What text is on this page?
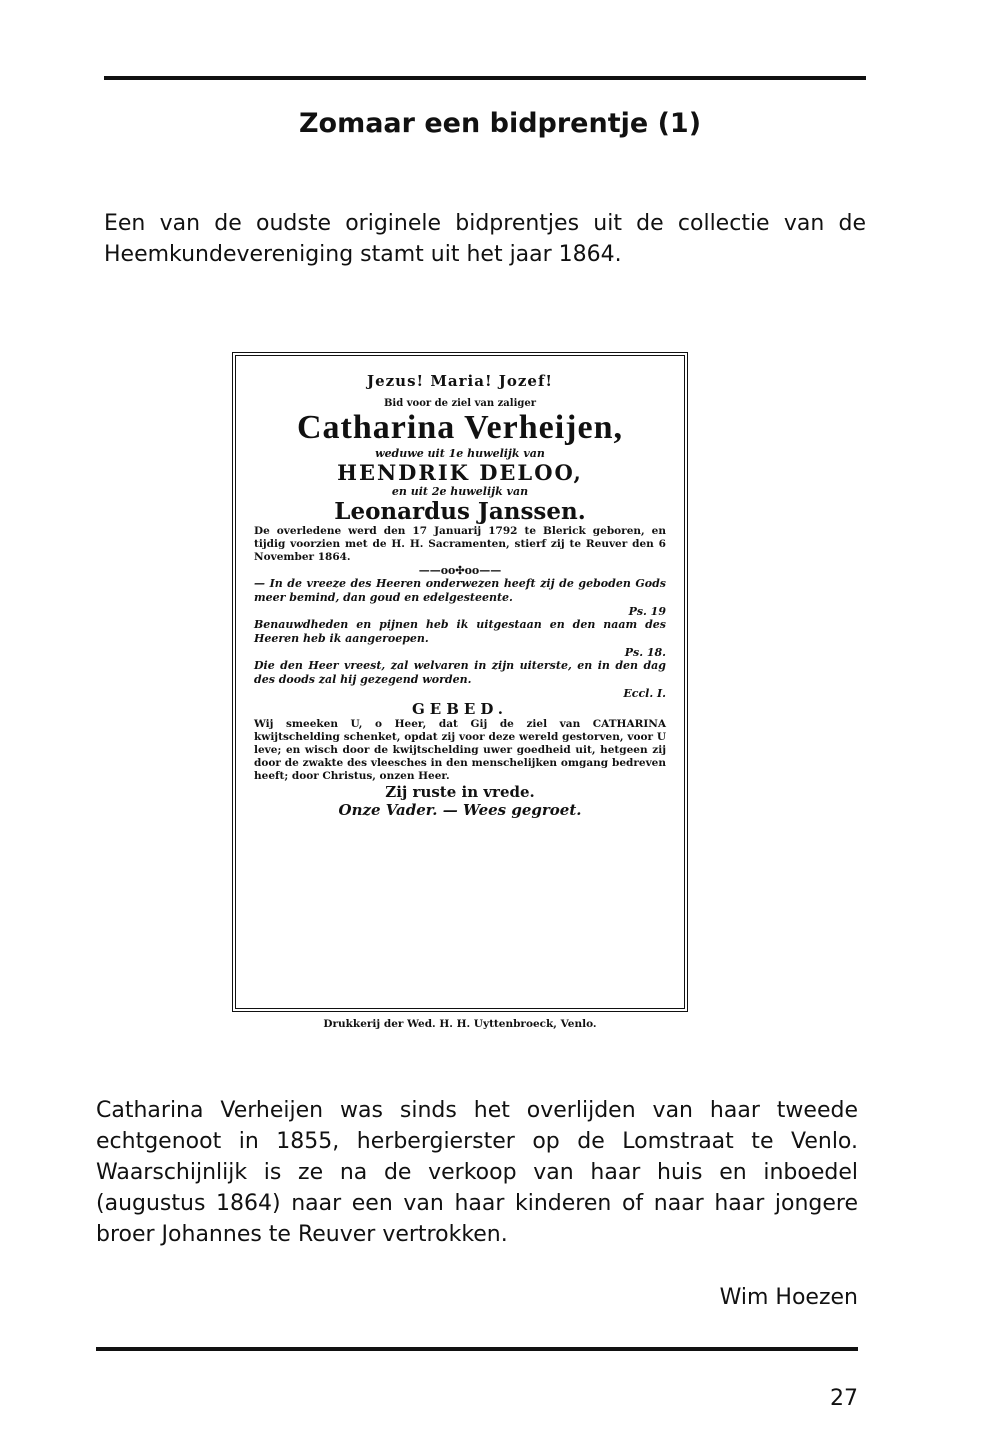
Zomaar een bidprentje (1)
Een van de oudste originele bidprentjes uit de collectie van de Heemkundevereniging stamt uit het jaar 1864.

Jezus! Maria! Jozef!

Bid voor de ziel van zaliger

Catharina Verheijen,

weduwe uit 1e huwelijk van

HENDRIK DELOO,

en uit 2e huwelijk van

Leonardus Janssen.

De overledene werd den 17 Januarij 1792 te Blerick geboren, en tijdig voorzien met de H. H. Sacramenten, stierf zij te Reuver den 6 November 1864.

——oo✣oo——

— In de vreeze des Heeren onderwezen heeft zij de geboden Gods meer bemind, dan goud en edelgesteente.

Ps. 19

Benauwdheden en pijnen heb ik uitgestaan en den naam des Heeren heb ik aangeroepen.

Ps. 18.

Die den Heer vreest, zal welvaren in zijn uiterste, en in den dag des doods zal hij gezegend worden.

Eccl. I.

GEBED.

Wij smeeken U, o Heer, dat Gij de ziel van CATHARINA kwijtschelding schenket, opdat zij voor deze wereld gestorven, voor U leve; en wisch door de kwijtschelding uwer goedheid uit, hetgeen zij door de zwakte des vleesches in den menschelijken omgang bedreven heeft; door Christus, onzen Heer.

Zij ruste in vrede.

Onze Vader. — Wees gegroet.

Drukkerij der Wed. H. H. Uyttenbroeck, Venlo.
Catharina Verheijen was sinds het overlijden van haar tweede echtgenoot in 1855, herbergierster op de Lomstraat te Venlo. Waarschijnlijk is ze na de verkoop van haar huis en inboedel (augustus 1864) naar een van haar kinderen of naar haar jongere broer Johannes te Reuver vertrokken.
Wim Hoezen
27
